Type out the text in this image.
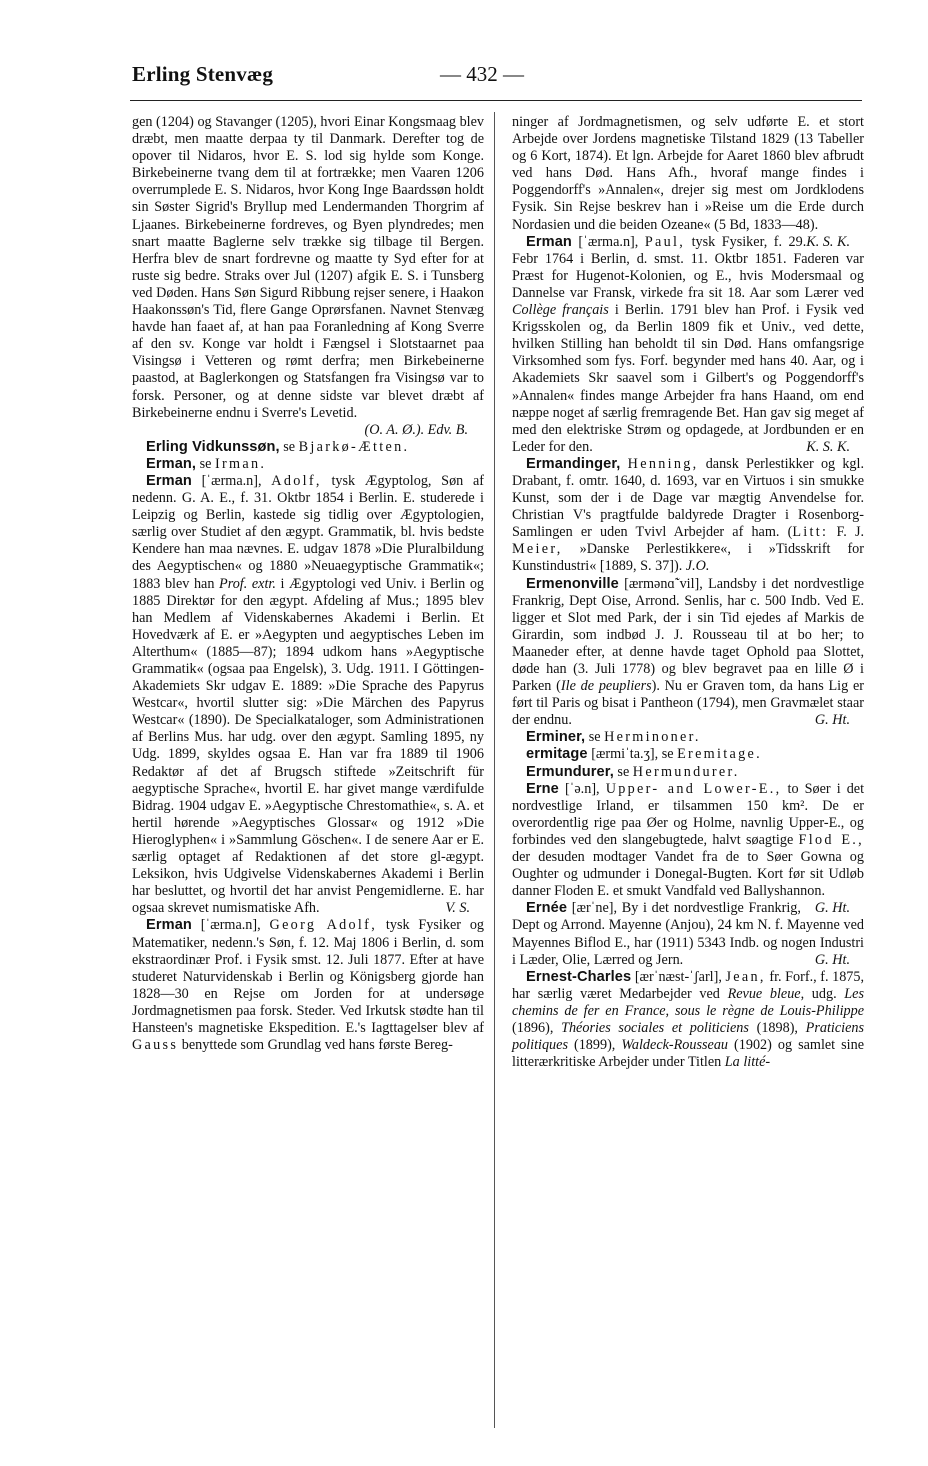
Erling Stenvæg	— 432 —

gen (1204) og Stavanger (1205), hvori Einar Kongsmaag blev dræbt, men maatte derpaa ty til Danmark. Derefter tog de opover til Nidaros, hvor E. S. lod sig hylde som Konge. Birkebeinerne tvang dem til at fortrække; men Vaaren 1206 overrumplede E. S. Nidaros, hvor Kong Inge Baardssøn holdt sin Søster Sigrid's Bryllup med Lendermanden Thorgrim af Ljaanes. Birkebeinerne fordreves, og Byen plyndredes; men snart maatte Baglerne selv trække sig tilbage til Bergen. Herfra blev de snart fordrevne og maatte ty Syd efter for at ruste sig bedre. Straks over Jul (1207) afgik E. S. i Tunsberg ved Døden. Hans Søn Sigurd Ribbung rejser senere, i Haakon Haakonssøn's Tid, flere Gange Oprørsfanen. Navnet Stenvæg havde han faaet af, at han paa Foranledning af Kong Sverre af den sv. Konge var holdt i Fængsel i Slotstaarnet paa Visingsø i Vetteren og rømt derfra; men Birkebeinerne paastod, at Baglerkongen og Statsfangen fra Visingsø var to forsk. Personer, og at denne sidste var blevet dræbt af Birkebeinerne endnu i Sverre's Levetid.

(O. A. Ø.). Edv. B.

Erling Vidkunssøn, se Bjarkø-Ætten.

Erman, se Irman.

Erman [ˈærma.n], Adolf, tysk Ægyptolog, Søn af nedenn. G. A. E., f. 31. Oktbr 1854 i Berlin. E. studerede i Leipzig og Berlin, kastede sig tidlig over Ægyptologien, særlig over Studiet af den ægypt. Grammatik, bl. hvis bedste Kendere han maa nævnes. E. udgav 1878 »Die Pluralbildung des Aegyptischen« og 1880 »Neuaegyptische Grammatik«; 1883 blev han Prof. extr. i Ægyptologi ved Univ. i Berlin og 1885 Direktør for den ægypt. Afdeling af Mus.; 1895 blev han Medlem af Videnskabernes Akademi i Berlin. Et Hovedværk af E. er »Aegypten und aegyptisches Leben im Alterthum« (1885—87); 1894 udkom hans »Aegyptische Grammatik« (ogsaa paa Engelsk), 3. Udg. 1911. I Göttingen-Akademiets Skr udgav E. 1889: »Die Sprache des Papyrus Westcar«, hvortil slutter sig: »Die Märchen des Papyrus Westcar« (1890). De Specialkataloger, som Administrationen af Berlins Mus. har udg. over den ægypt. Samling 1895, ny Udg. 1899, skyldes ogsaa E. Han var fra 1889 til 1906 Redaktør af det af Brugsch stiftede »Zeitschrift für aegyptische Sprache«, hvortil E. har givet mange værdifulde Bidrag. 1904 udgav E. »Aegyptische Chrestomathie«, s. A. et hertil hørende »Aegyptisches Glossar« og 1912 »Die Hieroglyphen« i »Sammlung Göschen«. I de senere Aar er E. særlig optaget af Redaktionen af det store gl-ægypt. Leksikon, hvis Udgivelse Videnskabernes Akademi i Berlin har besluttet, og hvortil det har anvist Pengemidlerne. E. har ogsaa skrevet numismatiske Afh.	V. S.

Erman [ˈærma.n], Georg Adolf, tysk Fysiker og Matematiker, nedenn.'s Søn, f. 12. Maj 1806 i Berlin, d. som ekstraordinær Prof. i Fysik smst. 12. Juli 1877. Efter at have studeret Naturvidenskab i Berlin og Königsberg gjorde han 1828—30 en Rejse om Jorden for at undersøge Jordmagnetismen paa forsk. Steder. Ved Irkutsk stødte han til Hansteen's magnetiske Ekspedition. E.'s Iagttagelser blev af Gauss benyttede som Grundlag ved hans første Bereg-

ninger af Jordmagnetismen, og selv udførte E. et stort Arbejde over Jordens magnetiske Tilstand 1829 (13 Tabeller og 6 Kort, 1874). Et lgn. Arbejde for Aaret 1860 blev afbrudt ved hans Død. Hans Afh., hvoraf mange findes i Poggendorff's »Annalen«, drejer sig mest om Jordklodens Fysik. Sin Rejse beskrev han i »Reise um die Erde durch Nordasien und die beiden Ozeane« (5 Bd, 1833—48).
K. S. K.

Erman [ˈærma.n], Paul, tysk Fysiker, f. 29. Febr 1764 i Berlin, d. smst. 11. Oktbr 1851. Faderen var Præst for Hugenot-Kolonien, og E., hvis Modersmaal og Dannelse var Fransk, virkede fra sit 18. Aar som Lærer ved Collège français i Berlin. 1791 blev han Prof. i Fysik ved Krigsskolen og, da Berlin 1809 fik et Univ., ved dette, hvilken Stilling han beholdt til sin Død. Hans omfangsrige Virksomhed som fys. Forf. begynder med hans 40. Aar, og i Akademiets Skr saavel som i Gilbert's og Poggendorff's »Annalen« findes mange Arbejder fra hans Haand, om end næppe noget af særlig fremragende Bet. Han gav sig meget af med den elektriske Strøm og opdagede, at Jordbunden er en Leder for den.	K. S. K.

Ermandinger, Henning, dansk Perlestikker og kgl. Drabant, f. omtr. 1640, d. 1693, var en Virtuos i sin smukke Kunst, som der i de Dage var mægtig Anvendelse for. Christian V's pragtfulde baldyrede Dragter i Rosenborg-Samlingen er uden Tvivl Arbejder af ham. (Litt: F. J. Meier, »Danske Perlestikkere«, i »Tidsskrift for Kunstindustri« [1889, S. 37]). J.O.

Ermenonville [ærmənɑ̃ˈvil], Landsby i det nordvestlige Frankrig, Dept Oise, Arrond. Senlis, har c. 500 Indb. Ved E. ligger et Slot med Park, der i sin Tid ejedes af Markis de Girardin, som indbød J. J. Rousseau til at bo her; to Maaneder efter, at denne havde taget Ophold paa Slottet, døde han (3. Juli 1778) og blev begravet paa en lille Ø i Parken (Ile de peupliers). Nu er Graven tom, da hans Lig er ført til Paris og bisat i Pantheon (1794), men Gravmælet staar der endnu.	G. Ht.

Erminer, se Herminoner.

ermitage [ærmiˈta.ʒ], se Eremitage.

Ermundurer, se Hermundurer.

Erne [ˈə.n], Upper- and Lower-E., to Søer i det nordvestlige Irland, er tilsammen 150 km². De er overordentlig rige paa Øer og Holme, navnlig Upper-E., og forbindes ved den slangebugtede, halvt søagtige Flod E., der desuden modtager Vandet fra de to Søer Gowna og Oughter og udmunder i Donegal-Bugten. Kort før sit Udløb danner Floden E. et smukt Vandfald ved Ballyshannon.
G. Ht.

Ernée [ærˈne], By i det nordvestlige Frankrig, Dept og Arrond. Mayenne (Anjou), 24 km N. f. Mayenne ved Mayennes Biflod E., har (1911) 5343 Indb. og nogen Industri i Læder, Olie, Lærred og Jern.	G. Ht.

Ernest-Charles [ærˈnæst-ˈʃarl], Jean, fr. Forf., f. 1875, har særlig været Medarbejder ved Revue bleue, udg. Les chemins de fer en France, sous le règne de Louis-Philippe (1896), Théories sociales et politiciens (1898), Praticiens politiques (1899), Waldeck-Rousseau (1902) og samlet sine litterærkritiske Arbejder under Titlen La litté-
